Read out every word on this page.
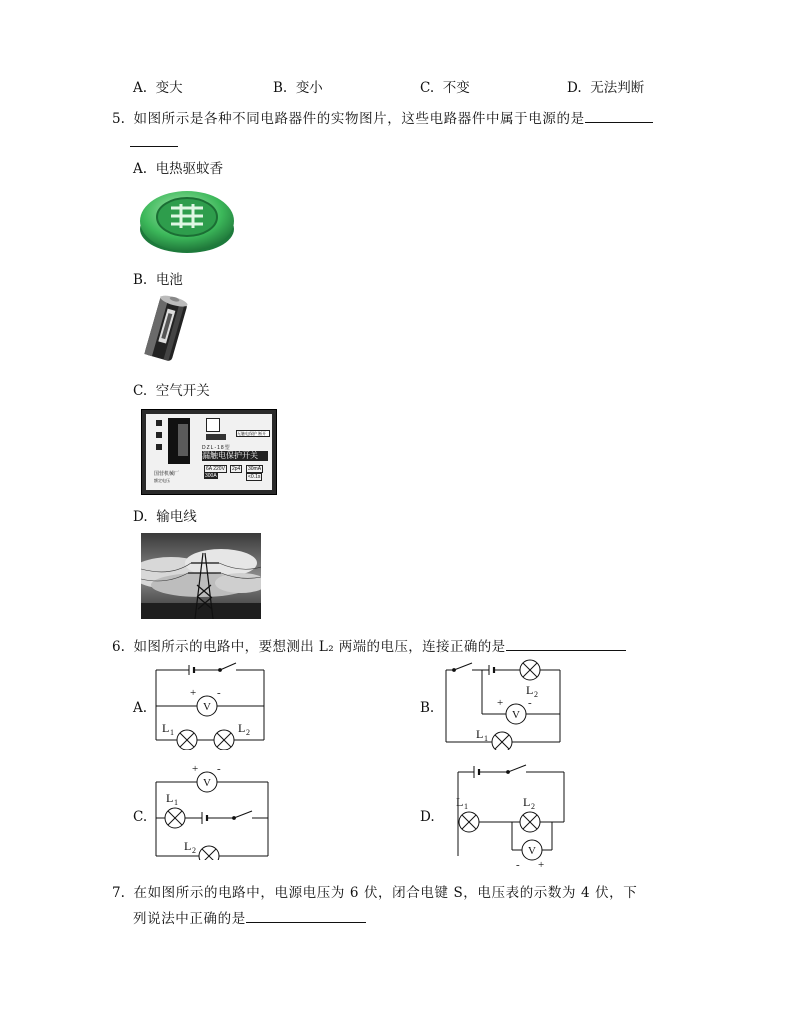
A. 变大	B. 变小	C. 不变	D. 无法判断
5. 如图所示是各种不同电路器件的实物图片，这些电路器件中属于电源的是
A. 电热驱蚊香
B. 电池
C. 空气开关
无触电保护 断开
DZL-18型
漏触电保护开关
6A 220V	2p4	30mA
300A	<0.1s
国营机械厂
额定电压
D. 输电线
6. 如图所示的电路中，要想测出 L₂ 两端的电压，连接正确的是
A.	V
+ -
L 1	L 2
B.	V
+ -
L 2
L 1
C.
V
+ -
L 1
L 2
D.
V
- +
L 1	L 2
7. 在如图所示的电路中，电源电压为 6 伏，闭合电键 S，电压表的示数为 4 伏，下
列说法中正确的是
